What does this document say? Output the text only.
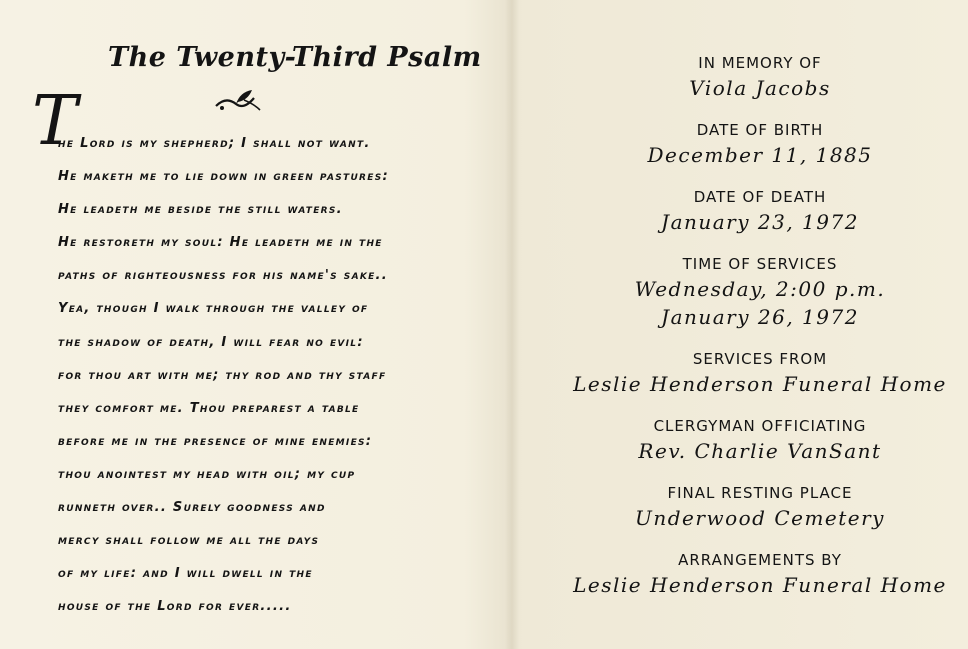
The Twenty-Third Psalm
T
he Lord is my shepherd; I shall not want.
He maketh me to lie down in green pastures:
He leadeth me beside the still waters.
He restoreth my soul: He leadeth me in the
paths of righteousness for his name's sake..
Yea, though I walk through the valley of
the shadow of death, I will fear no evil:
for thou art with me; thy rod and thy staff
they comfort me. Thou preparest a table
before me in the presence of mine enemies:
thou anointest my head with oil; my cup
runneth over.. Surely goodness and
mercy shall follow me all the days
of my life: and I will dwell in the
house of the Lord for ever.....
IN MEMORY OF
Viola Jacobs
DATE OF BIRTH
December 11, 1885
DATE OF DEATH
January 23, 1972
TIME OF SERVICES
Wednesday, 2:00 p.m.
January 26, 1972
SERVICES FROM
Leslie Henderson Funeral Home
CLERGYMAN OFFICIATING
Rev. Charlie VanSant
FINAL RESTING PLACE
Underwood Cemetery
ARRANGEMENTS BY
Leslie Henderson Funeral Home
